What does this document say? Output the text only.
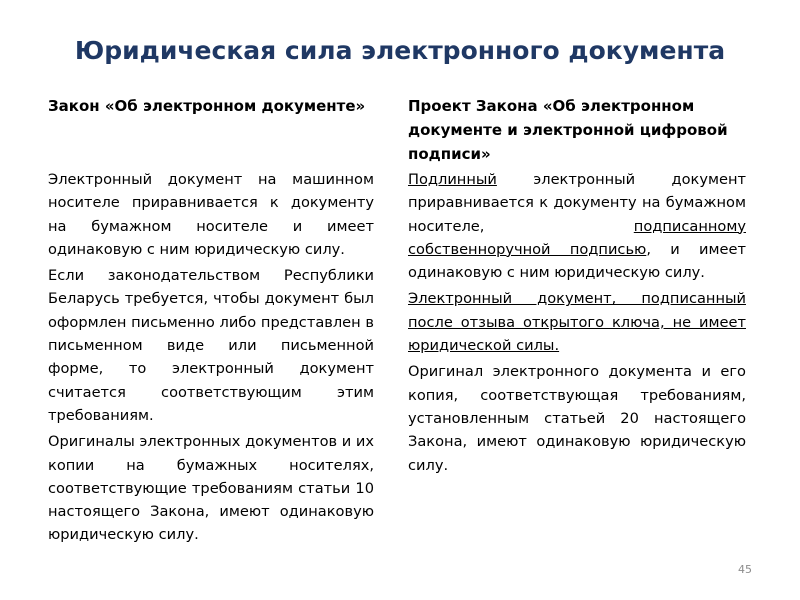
Юридическая сила электронного документа
Закон «Об электронном документе»	Проект Закона «Об электронном документе и электронной цифровой подписи»

Электронный документ на машинном носителе приравнивается к документу на бумажном носителе и имеет одинаковую с ним юридическую силу.

Если законодательством Республики Беларусь требуется, чтобы документ был оформлен письменно либо представлен в письменном виде или письменной форме, то электронный документ считается соответствующим этим требованиям.

Оригиналы электронных документов и их копии на бумажных носителях, соответствующие требованиям статьи 10 настоящего Закона, имеют одинаковую юридическую силу.

Подлинный электронный документ приравнивается к документу на бумажном носителе, подписанному собственноручной подписью, и имеет одинаковую с ним юридическую силу.

Электронный документ, подписанный после отзыва открытого ключа, не имеет юридической силы.

Оригинал электронного документа и его копия, соответствующая требованиям, установленным статьей 20 настоящего Закона, имеют одинаковую юридическую силу.

45
